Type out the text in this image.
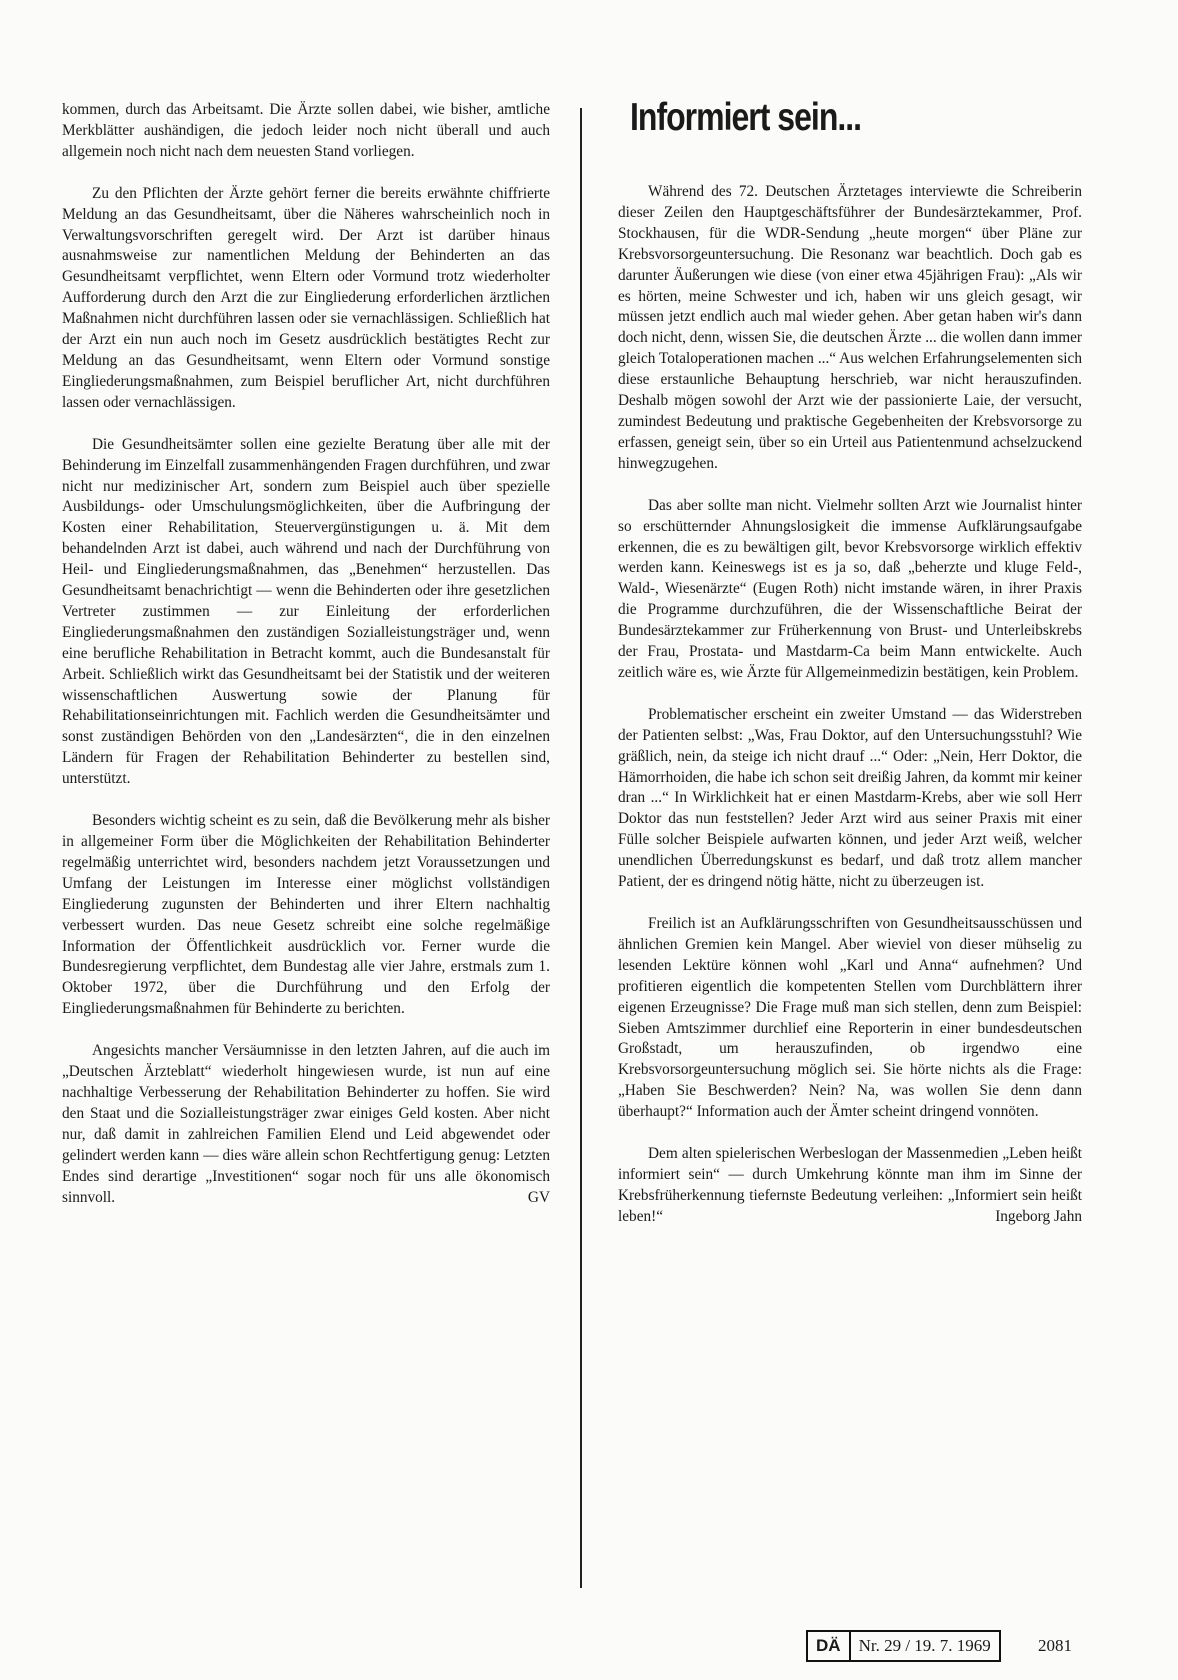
kommen, durch das Arbeitsamt. Die Ärzte sollen dabei, wie bisher, amtliche Merkblätter aushändigen, die jedoch leider noch nicht überall und auch allgemein noch nicht nach dem neuesten Stand vorliegen.

Zu den Pflichten der Ärzte gehört ferner die bereits erwähnte chiffrierte Meldung an das Gesundheitsamt, über die Näheres wahrscheinlich noch in Verwaltungsvorschriften geregelt wird. Der Arzt ist darüber hinaus ausnahmsweise zur namentlichen Meldung der Behinderten an das Gesundheitsamt verpflichtet, wenn Eltern oder Vormund trotz wiederholter Aufforderung durch den Arzt die zur Eingliederung erforderlichen ärztlichen Maßnahmen nicht durchführen lassen oder sie vernachlässigen. Schließlich hat der Arzt ein nun auch noch im Gesetz ausdrücklich bestätigtes Recht zur Meldung an das Gesundheitsamt, wenn Eltern oder Vormund sonstige Eingliederungsmaßnahmen, zum Beispiel beruflicher Art, nicht durchführen lassen oder vernachlässigen.

Die Gesundheitsämter sollen eine gezielte Beratung über alle mit der Behinderung im Einzelfall zusammenhängenden Fragen durchführen, und zwar nicht nur medizinischer Art, sondern zum Beispiel auch über spezielle Ausbildungs- oder Umschulungsmöglichkeiten, über die Aufbringung der Kosten einer Rehabilitation, Steuervergünstigungen u. ä. Mit dem behandelnden Arzt ist dabei, auch während und nach der Durchführung von Heil- und Eingliederungsmaßnahmen, das „Benehmen“ herzustellen. Das Gesundheitsamt benachrichtigt — wenn die Behinderten oder ihre gesetzlichen Vertreter zustimmen — zur Einleitung der erforderlichen Eingliederungsmaßnahmen den zuständigen Sozialleistungsträger und, wenn eine berufliche Rehabilitation in Betracht kommt, auch die Bundesanstalt für Arbeit. Schließlich wirkt das Gesundheitsamt bei der Statistik und der weiteren wissenschaftlichen Auswertung sowie der Planung für Rehabilitationseinrichtungen mit. Fachlich werden die Gesundheitsämter und sonst zuständigen Behörden von den „Landesärzten“, die in den einzelnen Ländern für Fragen der Rehabilitation Behinderter zu bestellen sind, unterstützt.

Besonders wichtig scheint es zu sein, daß die Bevölkerung mehr als bisher in allgemeiner Form über die Möglichkeiten der Rehabilitation Behinderter regelmäßig unterrichtet wird, besonders nachdem jetzt Voraussetzungen und Umfang der Leistungen im Interesse einer möglichst vollständigen Eingliederung zugunsten der Behinderten und ihrer Eltern nachhaltig verbessert wurden. Das neue Gesetz schreibt eine solche regelmäßige Information der Öffentlichkeit ausdrücklich vor. Ferner wurde die Bundesregierung verpflichtet, dem Bundestag alle vier Jahre, erstmals zum 1. Oktober 1972, über die Durchführung und den Erfolg der Eingliederungsmaßnahmen für Behinderte zu berichten.

Angesichts mancher Versäumnisse in den letzten Jahren, auf die auch im „Deutschen Ärzteblatt“ wiederholt hingewiesen wurde, ist nun auf eine nachhaltige Verbesserung der Rehabilitation Behinderter zu hoffen. Sie wird den Staat und die Sozialleistungsträger zwar einiges Geld kosten. Aber nicht nur, daß damit in zahlreichen Familien Elend und Leid abgewendet oder gelindert werden kann — dies wäre allein schon Rechtfertigung genug: Letzten Endes sind derartige „Investitionen“ sogar noch für uns alle ökonomisch sinnvoll.	GV

Informiert sein...

Während des 72. Deutschen Ärztetages interviewte die Schreiberin dieser Zeilen den Hauptgeschäftsführer der Bundesärztekammer, Prof. Stockhausen, für die WDR-Sendung „heute morgen“ über Pläne zur Krebsvorsorgeuntersuchung. Die Resonanz war beachtlich. Doch gab es darunter Äußerungen wie diese (von einer etwa 45jährigen Frau): „Als wir es hörten, meine Schwester und ich, haben wir uns gleich gesagt, wir müssen jetzt endlich auch mal wieder gehen. Aber getan haben wir's dann doch nicht, denn, wissen Sie, die deutschen Ärzte ... die wollen dann immer gleich Totaloperationen machen ...“ Aus welchen Erfahrungselementen sich diese erstaunliche Behauptung herschrieb, war nicht herauszufinden. Deshalb mögen sowohl der Arzt wie der passionierte Laie, der versucht, zumindest Bedeutung und praktische Gegebenheiten der Krebsvorsorge zu erfassen, geneigt sein, über so ein Urteil aus Patientenmund achselzuckend hinwegzugehen.

Das aber sollte man nicht. Vielmehr sollten Arzt wie Journalist hinter so erschütternder Ahnungslosigkeit die immense Aufklärungsaufgabe erkennen, die es zu bewältigen gilt, bevor Krebsvorsorge wirklich effektiv werden kann. Keineswegs ist es ja so, daß „beherzte und kluge Feld-, Wald-, Wiesenärzte“ (Eugen Roth) nicht imstande wären, in ihrer Praxis die Programme durchzuführen, die der Wissenschaftliche Beirat der Bundesärztekammer zur Früherkennung von Brust- und Unterleibskrebs der Frau, Prostata- und Mastdarm-Ca beim Mann entwickelte. Auch zeitlich wäre es, wie Ärzte für Allgemeinmedizin bestätigen, kein Problem.

Problematischer erscheint ein zweiter Umstand — das Widerstreben der Patienten selbst: „Was, Frau Doktor, auf den Untersuchungsstuhl? Wie gräßlich, nein, da steige ich nicht drauf ...“ Oder: „Nein, Herr Doktor, die Hämorrhoiden, die habe ich schon seit dreißig Jahren, da kommt mir keiner dran ...“ In Wirklichkeit hat er einen Mastdarm-Krebs, aber wie soll Herr Doktor das nun feststellen? Jeder Arzt wird aus seiner Praxis mit einer Fülle solcher Beispiele aufwarten können, und jeder Arzt weiß, welcher unendlichen Überredungskunst es bedarf, und daß trotz allem mancher Patient, der es dringend nötig hätte, nicht zu überzeugen ist.

Freilich ist an Aufklärungsschriften von Gesundheitsausschüssen und ähnlichen Gremien kein Mangel. Aber wieviel von dieser mühselig zu lesenden Lektüre können wohl „Karl und Anna“ aufnehmen? Und profitieren eigentlich die kompetenten Stellen vom Durchblättern ihrer eigenen Erzeugnisse? Die Frage muß man sich stellen, denn zum Beispiel: Sieben Amtszimmer durchlief eine Reporterin in einer bundesdeutschen Großstadt, um herauszufinden, ob irgendwo eine Krebsvorsorgeuntersuchung möglich sei. Sie hörte nichts als die Frage: „Haben Sie Beschwerden? Nein? Na, was wollen Sie denn dann überhaupt?“ Information auch der Ämter scheint dringend vonnöten.

Dem alten spielerischen Werbeslogan der Massenmedien „Leben heißt informiert sein“ — durch Umkehrung könnte man ihm im Sinne der Krebsfrüherkennung tiefernste Bedeutung verleihen: „Informiert sein heißt leben!“	Ingeborg Jahn

DÄ	Nr. 29 / 19. 7. 1969	2081
